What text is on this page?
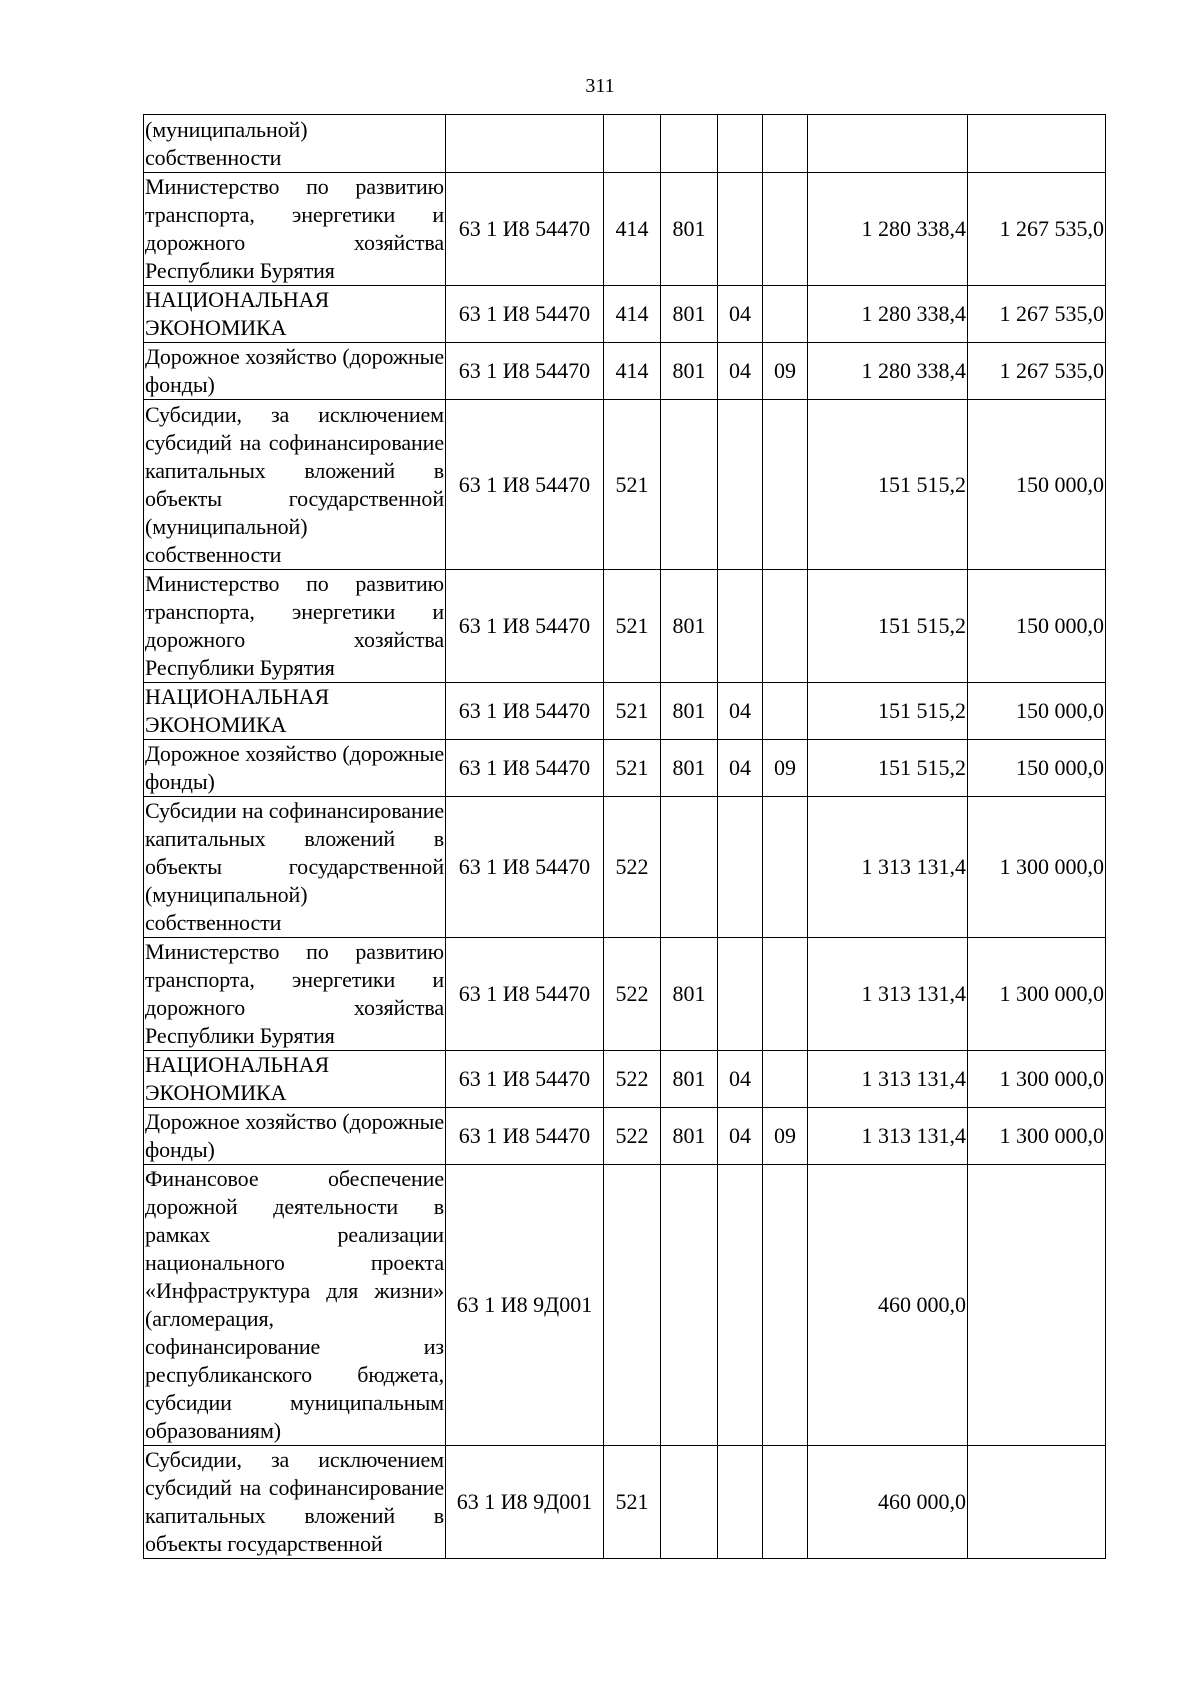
311
(муниципальной) собственности							
Министерство по развитию транспорта, энергетики и дорожного хозяйства Республики Бурятия	63 1 И8 54470	414	801			1 280 338,4	1 267 535,0
НАЦИОНАЛЬНАЯ ЭКОНОМИКА	63 1 И8 54470	414	801	04		1 280 338,4	1 267 535,0
Дорожное хозяйство (дорожные фонды)	63 1 И8 54470	414	801	04	09	1 280 338,4	1 267 535,0
Субсидии, за исключением субсидий на софинансирование капитальных вложений в объекты государственной (муниципальной) собственности	63 1 И8 54470	521				151 515,2	150 000,0
Министерство по развитию транспорта, энергетики и дорожного хозяйства Республики Бурятия	63 1 И8 54470	521	801			151 515,2	150 000,0
НАЦИОНАЛЬНАЯ ЭКОНОМИКА	63 1 И8 54470	521	801	04		151 515,2	150 000,0
Дорожное хозяйство (дорожные фонды)	63 1 И8 54470	521	801	04	09	151 515,2	150 000,0
Субсидии на софинансирование капитальных вложений в объекты государственной (муниципальной) собственности	63 1 И8 54470	522				1 313 131,4	1 300 000,0
Министерство по развитию транспорта, энергетики и дорожного хозяйства Республики Бурятия	63 1 И8 54470	522	801			1 313 131,4	1 300 000,0
НАЦИОНАЛЬНАЯ ЭКОНОМИКА	63 1 И8 54470	522	801	04		1 313 131,4	1 300 000,0
Дорожное хозяйство (дорожные фонды)	63 1 И8 54470	522	801	04	09	1 313 131,4	1 300 000,0
Финансовое обеспечение дорожной деятельности в рамках реализации национального проекта «Инфраструктура для жизни» (агломерация, софинансирование из республиканского бюджета, субсидии муниципальным образованиям)	63 1 И8 9Д001					460 000,0	
Субсидии, за исключением субсидий на софинансирование капитальных вложений в объекты государственной	63 1 И8 9Д001	521				460 000,0	
